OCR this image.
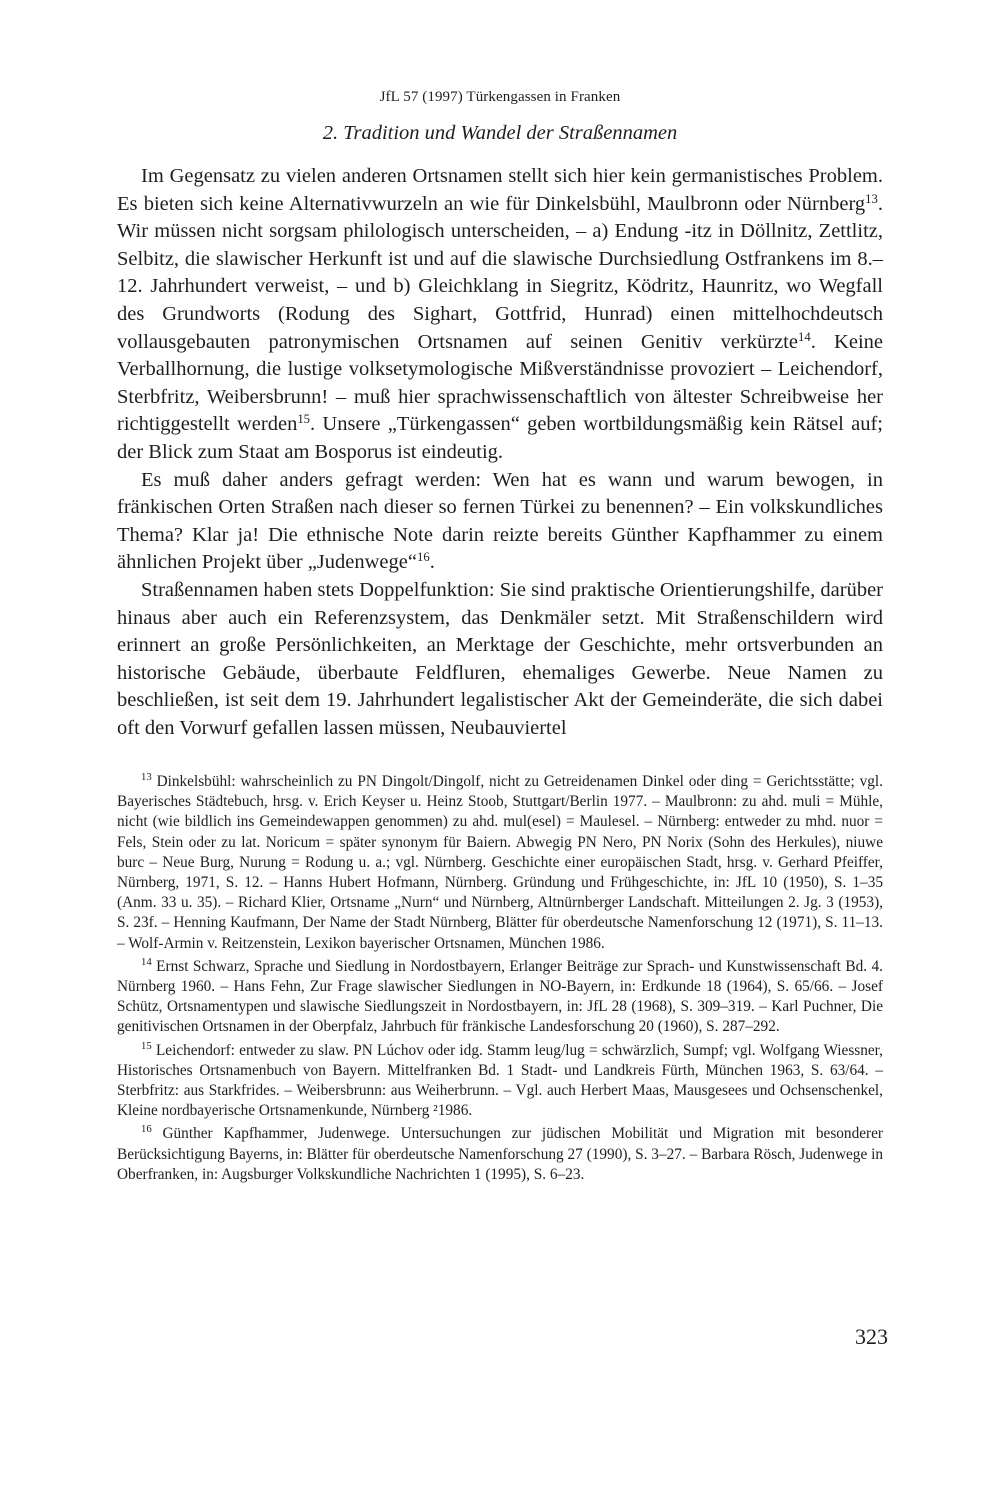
JfL 57 (1997) Türkengassen in Franken
2. Tradition und Wandel der Straßennamen

Im Gegensatz zu vielen anderen Ortsnamen stellt sich hier kein germanistisches Problem. Es bieten sich keine Alternativwurzeln an wie für Dinkelsbühl, Maulbronn oder Nürnberg$^{13}$. Wir müssen nicht sorgsam philologisch unterscheiden, – a) Endung -itz in Döllnitz, Zettlitz, Selbitz, die slawischer Herkunft ist und auf die slawische Durchsiedlung Ostfrankens im 8.–12. Jahrhundert verweist, – und b) Gleichklang in Siegritz, Ködritz, Haunritz, wo Wegfall des Grundworts (Rodung des Sighart, Gottfrid, Hunrad) einen mittelhochdeutsch vollausgebauten patronymischen Ortsnamen auf seinen Genitiv verkürzte$^{14}$. Keine Verballhornung, die lustige volksetymologische Mißverständnisse provoziert – Leichendorf, Sterbfritz, Weibersbrunn! – muß hier sprachwissenschaftlich von ältester Schreibweise her richtiggestellt werden$^{15}$. Unsere „Türkengassen“ geben wortbildungsmäßig kein Rätsel auf; der Blick zum Staat am Bosporus ist eindeutig.

Es muß daher anders gefragt werden: Wen hat es wann und warum bewogen, in fränkischen Orten Straßen nach dieser so fernen Türkei zu benennen? – Ein volkskundliches Thema? Klar ja! Die ethnische Note darin reizte bereits Günther Kapfhammer zu einem ähnlichen Projekt über „Judenwege“$^{16}$.

Straßennamen haben stets Doppelfunktion: Sie sind praktische Orientierungshilfe, darüber hinaus aber auch ein Referenzsystem, das Denkmäler setzt. Mit Straßenschildern wird erinnert an große Persönlichkeiten, an Merktage der Geschichte, mehr ortsverbunden an historische Gebäude, überbaute Feldfluren, ehemaliges Gewerbe. Neue Namen zu beschließen, ist seit dem 19. Jahrhundert legalistischer Akt der Gemeinderäte, die sich dabei oft den Vorwurf gefallen lassen müssen, Neubauviertel

$^{13}$ Dinkelsbühl: wahrscheinlich zu PN Dingolt/Dingolf, nicht zu Getreidenamen Dinkel oder ding = Gerichtsstätte; vgl. Bayerisches Städtebuch, hrsg. v. Erich Keyser u. Heinz Stoob, Stuttgart/Berlin 1977. – Maulbronn: zu ahd. muli = Mühle, nicht (wie bildlich ins Gemeindewappen genommen) zu ahd. mul(esel) = Maulesel. – Nürnberg: entweder zu mhd. nuor = Fels, Stein oder zu lat. Noricum = später synonym für Baiern. Abwegig PN Nero, PN Norix (Sohn des Herkules), niuwe burc – Neue Burg, Nurung = Rodung u. a.; vgl. Nürnberg. Geschichte einer europäischen Stadt, hrsg. v. Gerhard Pfeiffer, Nürnberg, 1971, S. 12. – Hanns Hubert Hofmann, Nürnberg. Gründung und Frühgeschichte, in: JfL 10 (1950), S. 1–35 (Anm. 33 u. 35). – Richard Klier, Ortsname „Nurn“ und Nürnberg, Altnürnberger Landschaft. Mitteilungen 2. Jg. 3 (1953), S. 23f. – Henning Kaufmann, Der Name der Stadt Nürnberg, Blätter für oberdeutsche Namenforschung 12 (1971), S. 11–13. – Wolf-Armin v. Reitzenstein, Lexikon bayerischer Ortsnamen, München 1986.

$^{14}$ Ernst Schwarz, Sprache und Siedlung in Nordostbayern, Erlanger Beiträge zur Sprach- und Kunstwissenschaft Bd. 4. Nürnberg 1960. – Hans Fehn, Zur Frage slawischer Siedlungen in NO-Bayern, in: Erdkunde 18 (1964), S. 65/66. – Josef Schütz, Ortsnamentypen und slawische Siedlungszeit in Nordostbayern, in: JfL 28 (1968), S. 309–319. – Karl Puchner, Die genitivischen Ortsnamen in der Oberpfalz, Jahrbuch für fränkische Landesforschung 20 (1960), S. 287–292.

$^{15}$ Leichendorf: entweder zu slaw. PN Lúchov oder idg. Stamm leug/lug = schwärzlich, Sumpf; vgl. Wolfgang Wiessner, Historisches Ortsnamenbuch von Bayern. Mittelfranken Bd. 1 Stadt- und Landkreis Fürth, München 1963, S. 63/64. – Sterbfritz: aus Starkfrides. – Weibersbrunn: aus Weiherbrunn. – Vgl. auch Herbert Maas, Mausgesees und Ochsenschenkel, Kleine nordbayerische Ortsnamenkunde, Nürnberg ²1986.

$^{16}$ Günther Kapfhammer, Judenwege. Untersuchungen zur jüdischen Mobilität und Migration mit besonderer Berücksichtigung Bayerns, in: Blätter für oberdeutsche Namenforschung 27 (1990), S. 3–27. – Barbara Rösch, Judenwege in Oberfranken, in: Augsburger Volkskundliche Nachrichten 1 (1995), S. 6–23.

323
